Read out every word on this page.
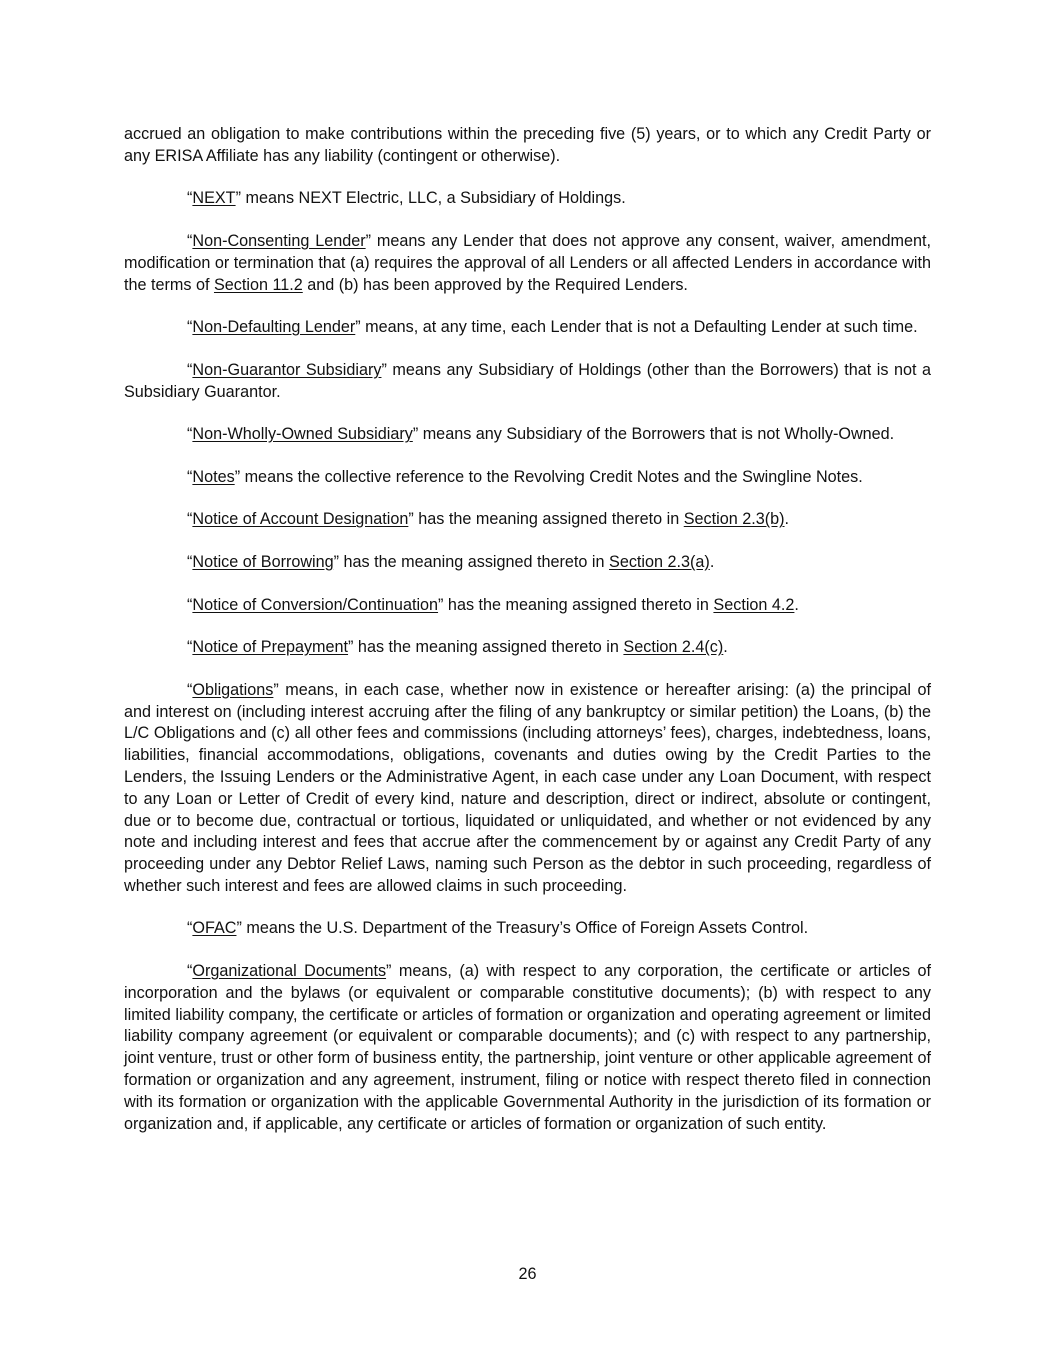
accrued an obligation to make contributions within the preceding five (5) years, or to which any Credit Party or any ERISA Affiliate has any liability (contingent or otherwise).

“NEXT” means NEXT Electric, LLC, a Subsidiary of Holdings.

“Non-Consenting Lender” means any Lender that does not approve any consent, waiver, amendment, modification or termination that (a) requires the approval of all Lenders or all affected Lenders in accordance with the terms of Section 11.2 and (b) has been approved by the Required Lenders.

“Non-Defaulting Lender” means, at any time, each Lender that is not a Defaulting Lender at such time.

“Non-Guarantor Subsidiary” means any Subsidiary of Holdings (other than the Borrowers) that is not a Subsidiary Guarantor.

“Non-Wholly-Owned Subsidiary” means any Subsidiary of the Borrowers that is not Wholly-Owned.

“Notes” means the collective reference to the Revolving Credit Notes and the Swingline Notes.

“Notice of Account Designation” has the meaning assigned thereto in Section 2.3(b).

“Notice of Borrowing” has the meaning assigned thereto in Section 2.3(a).

“Notice of Conversion/Continuation” has the meaning assigned thereto in Section 4.2.

“Notice of Prepayment” has the meaning assigned thereto in Section 2.4(c).

“Obligations” means, in each case, whether now in existence or hereafter arising: (a) the principal of and interest on (including interest accruing after the filing of any bankruptcy or similar petition) the Loans, (b) the L/C Obligations and (c) all other fees and commissions (including attorneys’ fees), charges, indebtedness, loans, liabilities, financial accommodations, obligations, covenants and duties owing by the Credit Parties to the Lenders, the Issuing Lenders or the Administrative Agent, in each case under any Loan Document, with respect to any Loan or Letter of Credit of every kind, nature and description, direct or indirect, absolute or contingent, due or to become due, contractual or tortious, liquidated or unliquidated, and whether or not evidenced by any note and including interest and fees that accrue after the commencement by or against any Credit Party of any proceeding under any Debtor Relief Laws, naming such Person as the debtor in such proceeding, regardless of whether such interest and fees are allowed claims in such proceeding.

“OFAC” means the U.S. Department of the Treasury’s Office of Foreign Assets Control.

“Organizational Documents” means, (a) with respect to any corporation, the certificate or articles of incorporation and the bylaws (or equivalent or comparable constitutive documents); (b) with respect to any limited liability company, the certificate or articles of formation or organization and operating agreement or limited liability company agreement (or equivalent or comparable documents); and (c) with respect to any partnership, joint venture, trust or other form of business entity, the partnership, joint venture or other applicable agreement of formation or organization and any agreement, instrument, filing or notice with respect thereto filed in connection with its formation or organization with the applicable Governmental Authority in the jurisdiction of its formation or organization and, if applicable, any certificate or articles of formation or organization of such entity.

26
